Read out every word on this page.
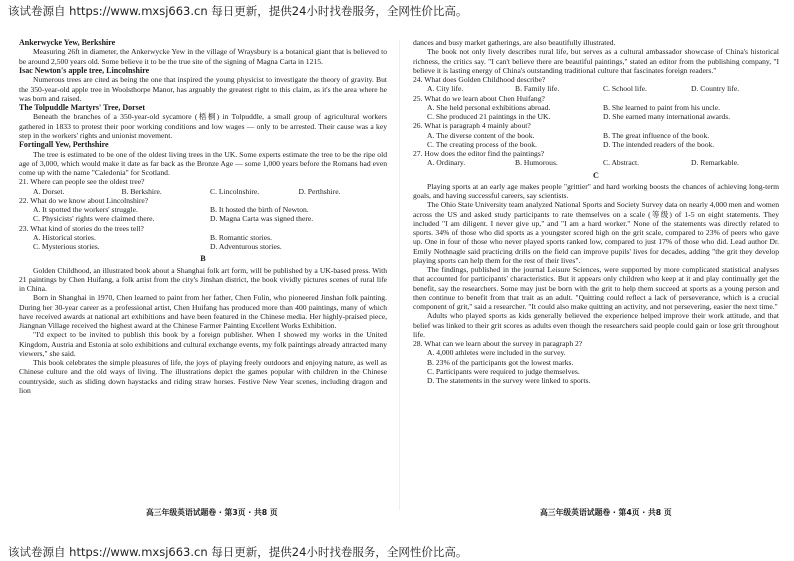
该试卷源自 https://www.mxsj663.cn 每日更新，提供24小时找卷服务，全网性价比高。
Ankerwycke Yew, Berkshire

Measuring 26ft in diameter, the Ankerwycke Yew in the village of Wraysbury is a botanical giant that is believed to be around 2,500 years old. Some believe it to be the true site of the signing of Magna Carta in 1215.

Isac Newton's apple tree, Lincolnshire

Numerous trees are cited as being the one that inspired the young physicist to investigate the theory of gravity. But the 350-year-old apple tree in Woolsthorpe Manor, has arguably the greatest right to this claim, as it's the area where he was born and raised.

The Tolpuddle Martyrs' Tree, Dorset

Beneath the branches of a 350-year-old sycamore (梧桐) in Tolpuddle, a small group of agricultural workers gathered in 1833 to protest their poor working conditions and low wages — only to be arrested. Their cause was a key step in the workers' rights and unionist movement.

Fortingall Yew, Perthshire

The tree is estimated to be one of the oldest living trees in the UK. Some experts estimate the tree to be the ripe old age of 3,000, which would make it date as far back as the Bronze Age — some 1,000 years before the Romans had even come up with the name "Caledonia" for Scotland.

21. Where can people see the oldest tree?

A. Dorset.	B. Berkshire.	C. Lincolnshire.	D. Perthshire.

22. What do we know about Lincolnshire?

A. It spotted the workers' struggle.	B. It hosted the birth of Newton.
C. Physicists' rights were claimed there.	D. Magna Carta was signed there.

23. What kind of stories do the trees tell?

A. Historical stories.	B. Romantic stories.
C. Mysterious stories.	D. Adventurous stories.
B

Golden Childhood, an illustrated book about a Shanghai folk art form, will be published by a UK-based press. With 21 paintings by Chen Huifang, a folk artist from the city's Jinshan district, the book vividly pictures scenes of rural life in China.

Born in Shanghai in 1970, Chen learned to paint from her father, Chen Fulin, who pioneered Jinshan folk painting. During her 30-year career as a professional artist, Chen Huifang has produced more than 400 paintings, many of which have received awards at national art exhibitions and have been featured in the Chinese media. Her highly-praised piece, Jiangnan Village received the highest award at the Chinese Farmer Painting Excellent Works Exhibition.

"I'd expect to be invited to publish this book by a foreign publisher. When I showed my works in the United Kingdom, Austria and Estonia at solo exhibitions and cultural exchange events, my folk paintings already attracted many viewers," she said.

This book celebrates the simple pleasures of life, the joys of playing freely outdoors and enjoying nature, as well as Chinese culture and the old ways of living. The illustrations depict the games popular with children in the Chinese countryside, such as sliding down haystacks and riding straw horses. Festive New Year scenes, including dragon and lion

dances and busy market gatherings, are also beautifully illustrated.

The book not only lively describes rural life, but serves as a cultural ambassador showcase of China's historical richness, the critics say. "I can't believe there are beautiful paintings," stated an editor from the publishing company, "I believe it is lasting energy of China's outstanding traditional culture that fascinates foreign readers."

24. What does Golden Childhood describe?

A. City life.	B. Family life.	C. School life.	D. Country life.

25. What do we learn about Chen Huifang?

A. She held personal exhibitions abroad.	B. She learned to paint from his uncle.
C. She produced 21 paintings in the UK.	D. She earned many international awards.

26. What is paragraph 4 mainly about?

A. The diverse content of the book.	B. The great influence of the book.
C. The creating process of the book.	D. The intended readers of the book.

27. How does the editor find the paintings?

A. Ordinary.	B. Humorous.	C. Abstract.	D. Remarkable.
C

Playing sports at an early age makes people "grittier" and hard working boosts the chances of achieving long-term goals, and having successful careers, say scientists.

The Ohio State University team analyzed National Sports and Society Survey data on nearly 4,000 men and women across the US and asked study participants to rate themselves on a scale (等级) of 1-5 on eight statements. They included "I am diligent. I never give up," and "I am a hard worker." None of the statements was directly related to sports. 34% of those who did sports as a youngster scored high on the grit scale, compared to 23% of peers who gave up. One in four of those who never played sports ranked low, compared to just 17% of those who did. Lead author Dr. Emily Nothnagle said practicing drills on the field can improve pupils' lives for decades, adding "the grit they develop playing sports can help them for the rest of their lives".

The findings, published in the journal Leisure Sciences, were supported by more complicated statistical analyses that accounted for participants' characteristics. But it appears only children who keep at it and play continually get the benefit, say the researchers. Some may just be born with the grit to help them succeed at sports as a young person and then continue to benefit from that trait as an adult. "Quitting could reflect a lack of perseverance, which is a crucial component of grit," said a researcher. "It could also make quitting an activity, and not persevering, easier the next time."

Adults who played sports as kids generally believed the experience helped improve their work attitude, and that belief was linked to their grit scores as adults even though the researchers said people could gain or lose grit throughout life.

28. What can we learn about the survey in paragraph 2?

A. 4,000 athletes were included in the survey.
B. 23% of the participants got the lowest marks.
C. Participants were required to judge themselves.
D. The statements in the survey were linked to sports.
高三年级英语试题卷 · 第3页 · 共8 页	高三年级英语试题卷 · 第4页 · 共8 页
该试卷源自 https://www.mxsj663.cn 每日更新，提供24小时找卷服务，全网性价比高。
